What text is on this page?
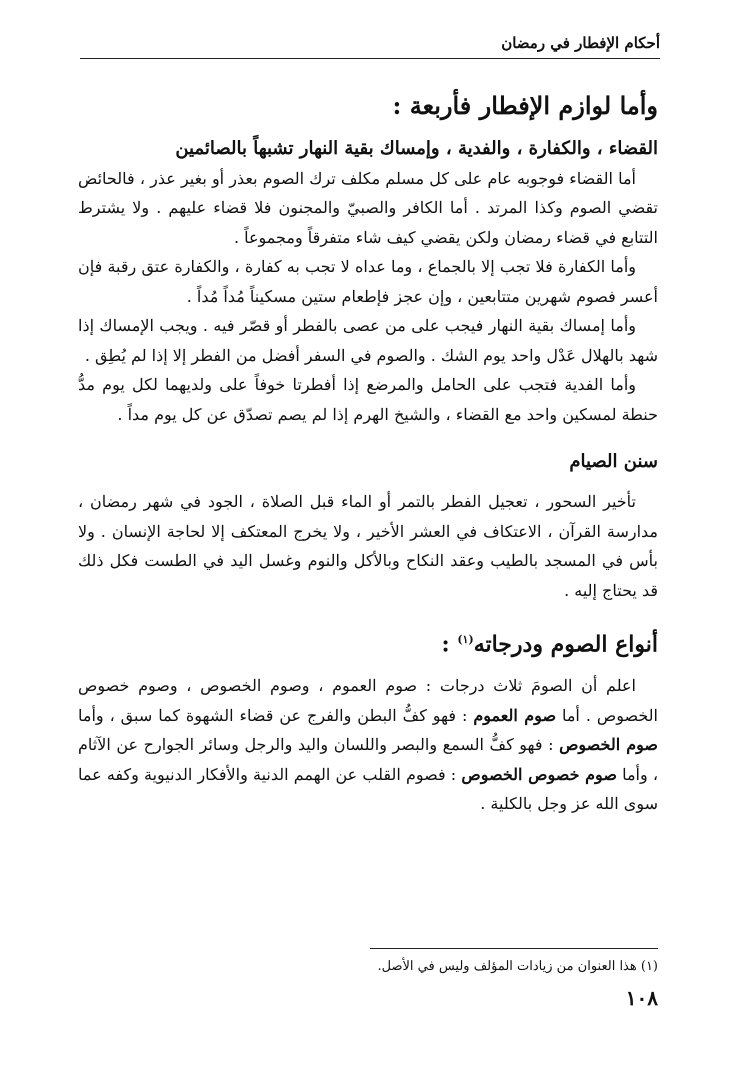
أحكام الإفطار في رمضان
وأما لوازم الإفطار فأربعة :

القضاء ، والكفارة ، والفدية ، وإمساك بقية النهار تشبهاً بالصائمين

أما القضاء فوجوبه عام على كل مسلم مكلف ترك الصوم بعذر أو بغير عذر ، فالحائض تقضي الصوم وكذا المرتد . أما الكافر والصبيّ والمجنون فلا قضاء عليهم . ولا يشترط التتابع في قضاء رمضان ولكن يقضي كيف شاء متفرقاً ومجموعاً .

وأما الكفارة فلا تجب إلا بالجماع ، وما عداه لا تجب به كفارة ، والكفارة عتق رقبة فإن أعسر فصوم شهرين متتابعين ، وإن عجز فإطعام ستين مسكيناً مُداً مُداً .

وأما إمساك بقية النهار فيجب على من عصى بالفطر أو قصّر فيه . ويجب الإمساك إذا شهد بالهلال عَدْل واحد يوم الشك . والصوم في السفر أفضل من الفطر إلا إذا لم يُطِق .

وأما الفدية فتجب على الحامل والمرضع إذا أفطرتا خوفاً على ولديهما لكل يوم مدُّ حنطة لمسكين واحد مع القضاء ، والشيخ الهرم إذا لم يصم تصدّق عن كل يوم مداً .

سنن الصيام

تأخير السحور ، تعجيل الفطر بالتمر أو الماء قبل الصلاة ، الجود في شهر رمضان ، مدارسة القرآن ، الاعتكاف في العشر الأخير ، ولا يخرج المعتكف إلا لحاجة الإنسان . ولا بأس في المسجد بالطيب وعقد النكاح وبالأكل والنوم وغسل اليد في الطست فكل ذلك قد يحتاج إليه .

أنواع الصوم ودرجاته$^{(١)}$ :

اعلم أن الصومَ ثلاث درجات : صوم العموم ، وصوم الخصوص ، وصوم خصوص الخصوص . أما صوم العموم : فهو كفُّ البطن والفرج عن قضاء الشهوة كما سبق ، وأما صوم الخصوص : فهو كفُّ السمع والبصر واللسان واليد والرجل وسائر الجوارح عن الآثام ، وأما صوم خصوص الخصوص : فصوم القلب عن الهمم الدنية والأفكار الدنيوية وكفه عما سوى الله عز وجل بالكلية .

(١) هذا العنوان من زيادات المؤلف وليس في الأصل.
١٠٨
